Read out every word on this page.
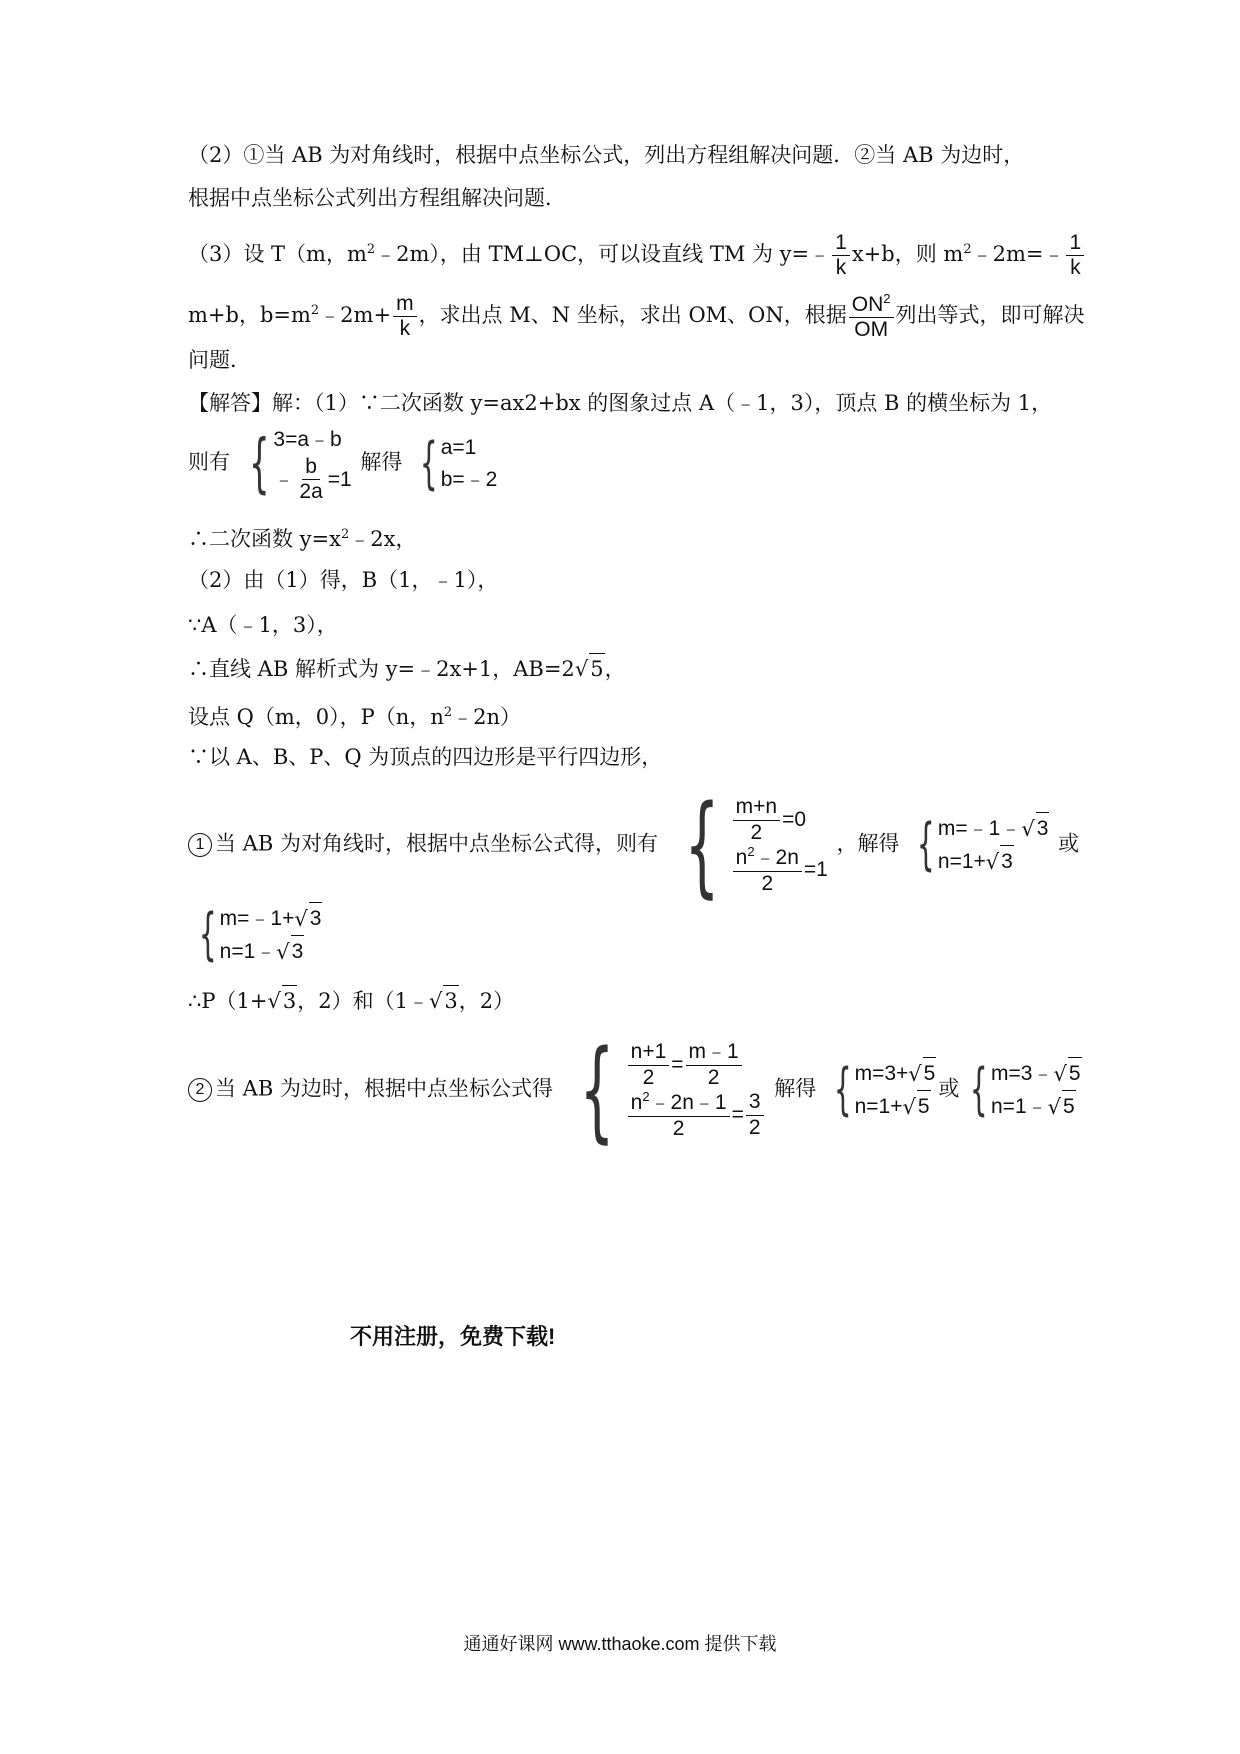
（2）①当 AB 为对角线时，根据中点坐标公式，列出方程组解决问题．②当 AB 为边时，
根据中点坐标公式列出方程组解决问题．
（3）设 T（m，$m^2﹣2m$），由 TM⊥OC，可以设直线 TM 为 y=﹣ $\frac{1}{k} x+b$，则 $m^2﹣2m=﹣ \frac{1}{k}$
m+b，$b=m^2﹣2m+ \frac{m}{k}$ ，求出点 M、N 坐标，求出 OM、ON，根据 $\frac{ON^2}{OM}$ 列出等式，即可解决
问题．
【解答】解：（1）∵二次函数 y=ax2+bx 的图象过点 A（﹣1，3），顶点 B 的横坐标为 1，
则有 { 3=a﹣b
﹣ $\frac{b}{2a} =1$
解得 { a=1
b=﹣2
∴二次函数 $y=x^2﹣2x$，
（2）由（1）得，B（1，﹣1），
∵A（﹣1，3），
∴直线 AB 解析式为 y=﹣2x+1，AB=2√5，
设点 Q（m，0），P（n，$n^2﹣2n$）
∵以 A、B、P、Q 为顶点的四边形是平行四边形，
1 当 AB 为对角线时，根据中点坐标公式得，则有 { $\frac{m+n}{2} =0$
$\frac{n^2﹣2n}{2} =1$
，解得 { m=﹣1﹣ √ 3
n=1+ √ 3
或
{ m=﹣1+ √ 3
n=1﹣ √ 3
∴P（1+√3，2）和（1﹣√3，2）
2 当 AB 为边时，根据中点坐标公式得 { $\frac{n+1}{2} = \frac{m﹣1}{2}$
$\frac{n^2﹣2n﹣1}{2} = \frac{3}{2}$
解得 { m=3+ √ 5
n=1+ √ 5
或 { m=3﹣ √ 5
n=1﹣ √ 5
不用注册，免费下载!
通通好课网 www.tthaoke.com 提供下载
